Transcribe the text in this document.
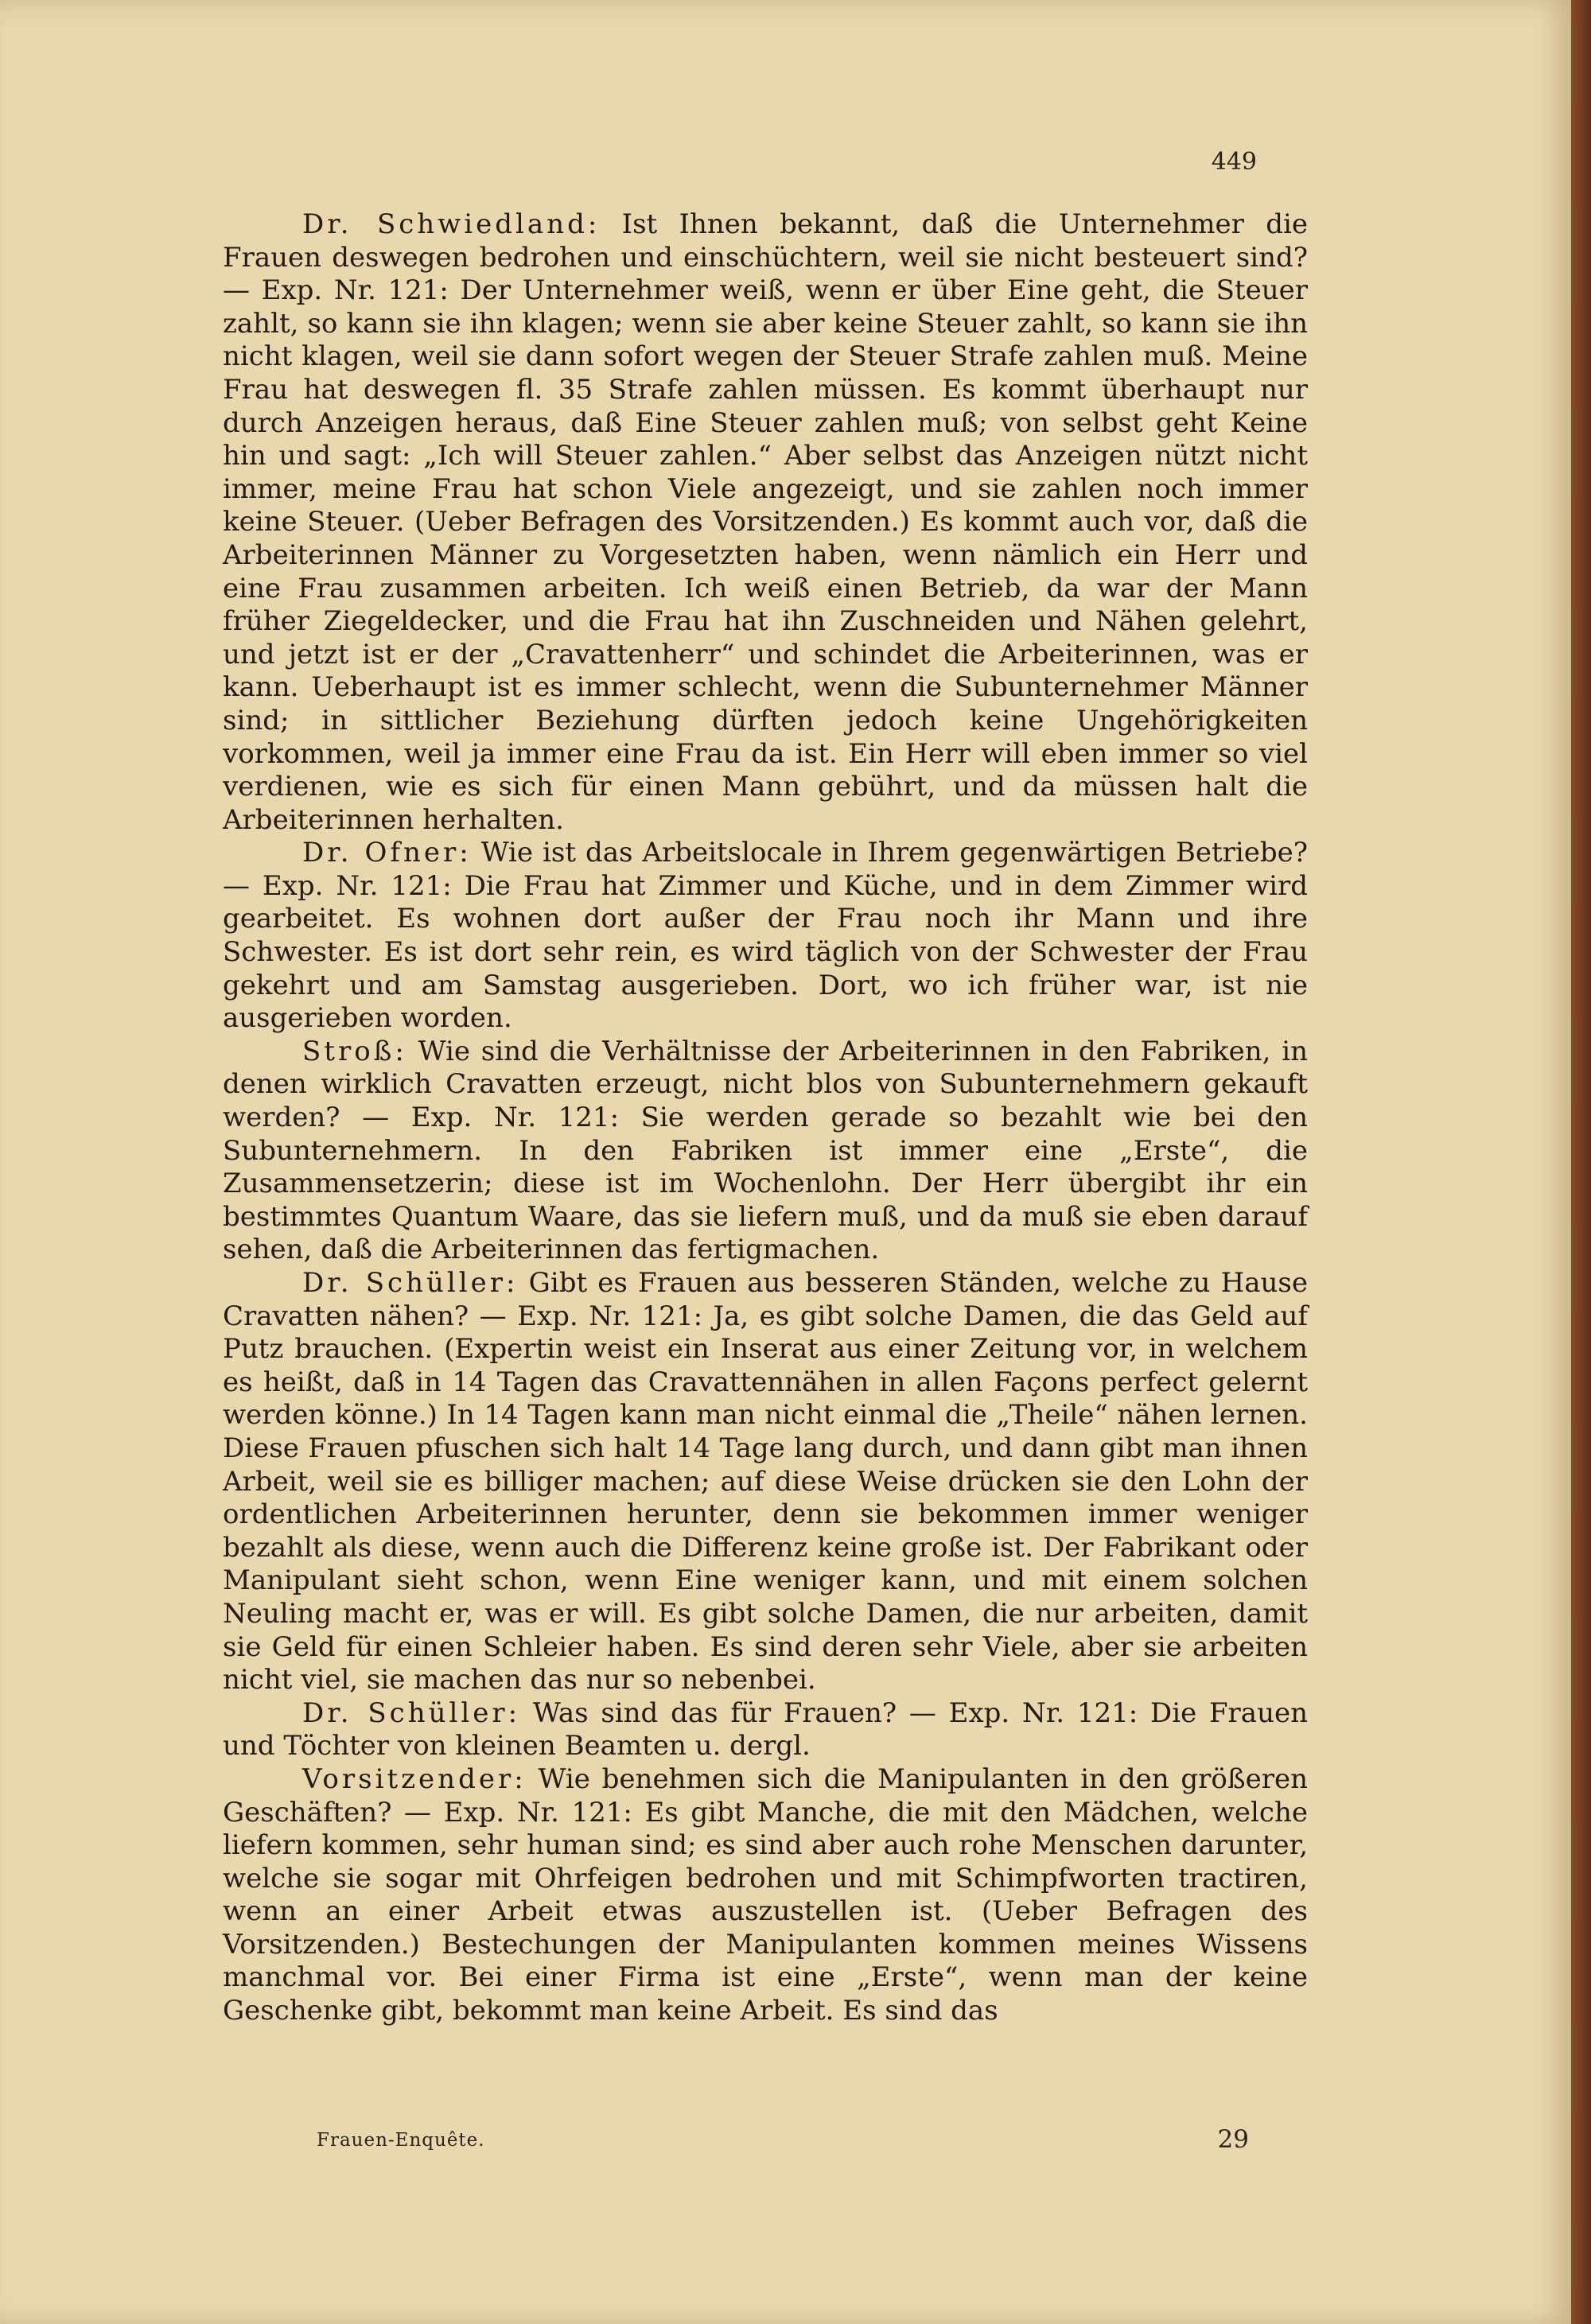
449

Dr. Schwiedland: Ist Ihnen bekannt, daß die Unternehmer die Frauen deswegen bedrohen und einschüchtern, weil sie nicht besteuert sind? — Exp. Nr. 121: Der Unternehmer weiß, wenn er über Eine geht, die Steuer zahlt, so kann sie ihn klagen; wenn sie aber keine Steuer zahlt, so kann sie ihn nicht klagen, weil sie dann sofort wegen der Steuer Strafe zahlen muß. Meine Frau hat deswegen fl. 35 Strafe zahlen müssen. Es kommt überhaupt nur durch Anzeigen heraus, daß Eine Steuer zahlen muß; von selbst geht Keine hin und sagt: „Ich will Steuer zahlen.“ Aber selbst das Anzeigen nützt nicht immer, meine Frau hat schon Viele angezeigt, und sie zahlen noch immer keine Steuer. (Ueber Befragen des Vorsitzenden.) Es kommt auch vor, daß die Arbeiterinnen Männer zu Vorgesetzten haben, wenn nämlich ein Herr und eine Frau zusammen arbeiten. Ich weiß einen Betrieb, da war der Mann früher Ziegeldecker, und die Frau hat ihn Zuschneiden und Nähen gelehrt, und jetzt ist er der „Cravattenherr“ und schindet die Arbeiterinnen, was er kann. Ueberhaupt ist es immer schlecht, wenn die Subunternehmer Männer sind; in sittlicher Beziehung dürften jedoch keine Ungehörigkeiten vorkommen, weil ja immer eine Frau da ist. Ein Herr will eben immer so viel verdienen, wie es sich für einen Mann gebührt, und da müssen halt die Arbeiterinnen herhalten.

Dr. Ofner: Wie ist das Arbeitslocale in Ihrem gegenwärtigen Betriebe? — Exp. Nr. 121: Die Frau hat Zimmer und Küche, und in dem Zimmer wird gearbeitet. Es wohnen dort außer der Frau noch ihr Mann und ihre Schwester. Es ist dort sehr rein, es wird täglich von der Schwester der Frau gekehrt und am Samstag ausgerieben. Dort, wo ich früher war, ist nie ausgerieben worden.

Stroß: Wie sind die Verhältnisse der Arbeiterinnen in den Fabriken, in denen wirklich Cravatten erzeugt, nicht blos von Subunternehmern gekauft werden? — Exp. Nr. 121: Sie werden gerade so bezahlt wie bei den Subunternehmern. In den Fabriken ist immer eine „Erste“, die Zusammensetzerin; diese ist im Wochenlohn. Der Herr übergibt ihr ein bestimmtes Quantum Waare, das sie liefern muß, und da muß sie eben darauf sehen, daß die Arbeiterinnen das fertigmachen.

Dr. Schüller: Gibt es Frauen aus besseren Ständen, welche zu Hause Cravatten nähen? — Exp. Nr. 121: Ja, es gibt solche Damen, die das Geld auf Putz brauchen. (Expertin weist ein Inserat aus einer Zeitung vor, in welchem es heißt, daß in 14 Tagen das Cravattennähen in allen Façons perfect gelernt werden könne.) In 14 Tagen kann man nicht einmal die „Theile“ nähen lernen. Diese Frauen pfuschen sich halt 14 Tage lang durch, und dann gibt man ihnen Arbeit, weil sie es billiger machen; auf diese Weise drücken sie den Lohn der ordentlichen Arbeiterinnen herunter, denn sie bekommen immer weniger bezahlt als diese, wenn auch die Differenz keine große ist. Der Fabrikant oder Manipulant sieht schon, wenn Eine weniger kann, und mit einem solchen Neuling macht er, was er will. Es gibt solche Damen, die nur arbeiten, damit sie Geld für einen Schleier haben. Es sind deren sehr Viele, aber sie arbeiten nicht viel, sie machen das nur so nebenbei.

Dr. Schüller: Was sind das für Frauen? — Exp. Nr. 121: Die Frauen und Töchter von kleinen Beamten u. dergl.

Vorsitzender: Wie benehmen sich die Manipulanten in den größeren Geschäften? — Exp. Nr. 121: Es gibt Manche, die mit den Mädchen, welche liefern kommen, sehr human sind; es sind aber auch rohe Menschen darunter, welche sie sogar mit Ohrfeigen bedrohen und mit Schimpfworten tractiren, wenn an einer Arbeit etwas auszustellen ist. (Ueber Befragen des Vorsitzenden.) Bestechungen der Manipulanten kommen meines Wissens manchmal vor. Bei einer Firma ist eine „Erste“, wenn man der keine Geschenke gibt, bekommt man keine Arbeit. Es sind das

Frauen-Enquête.	29
